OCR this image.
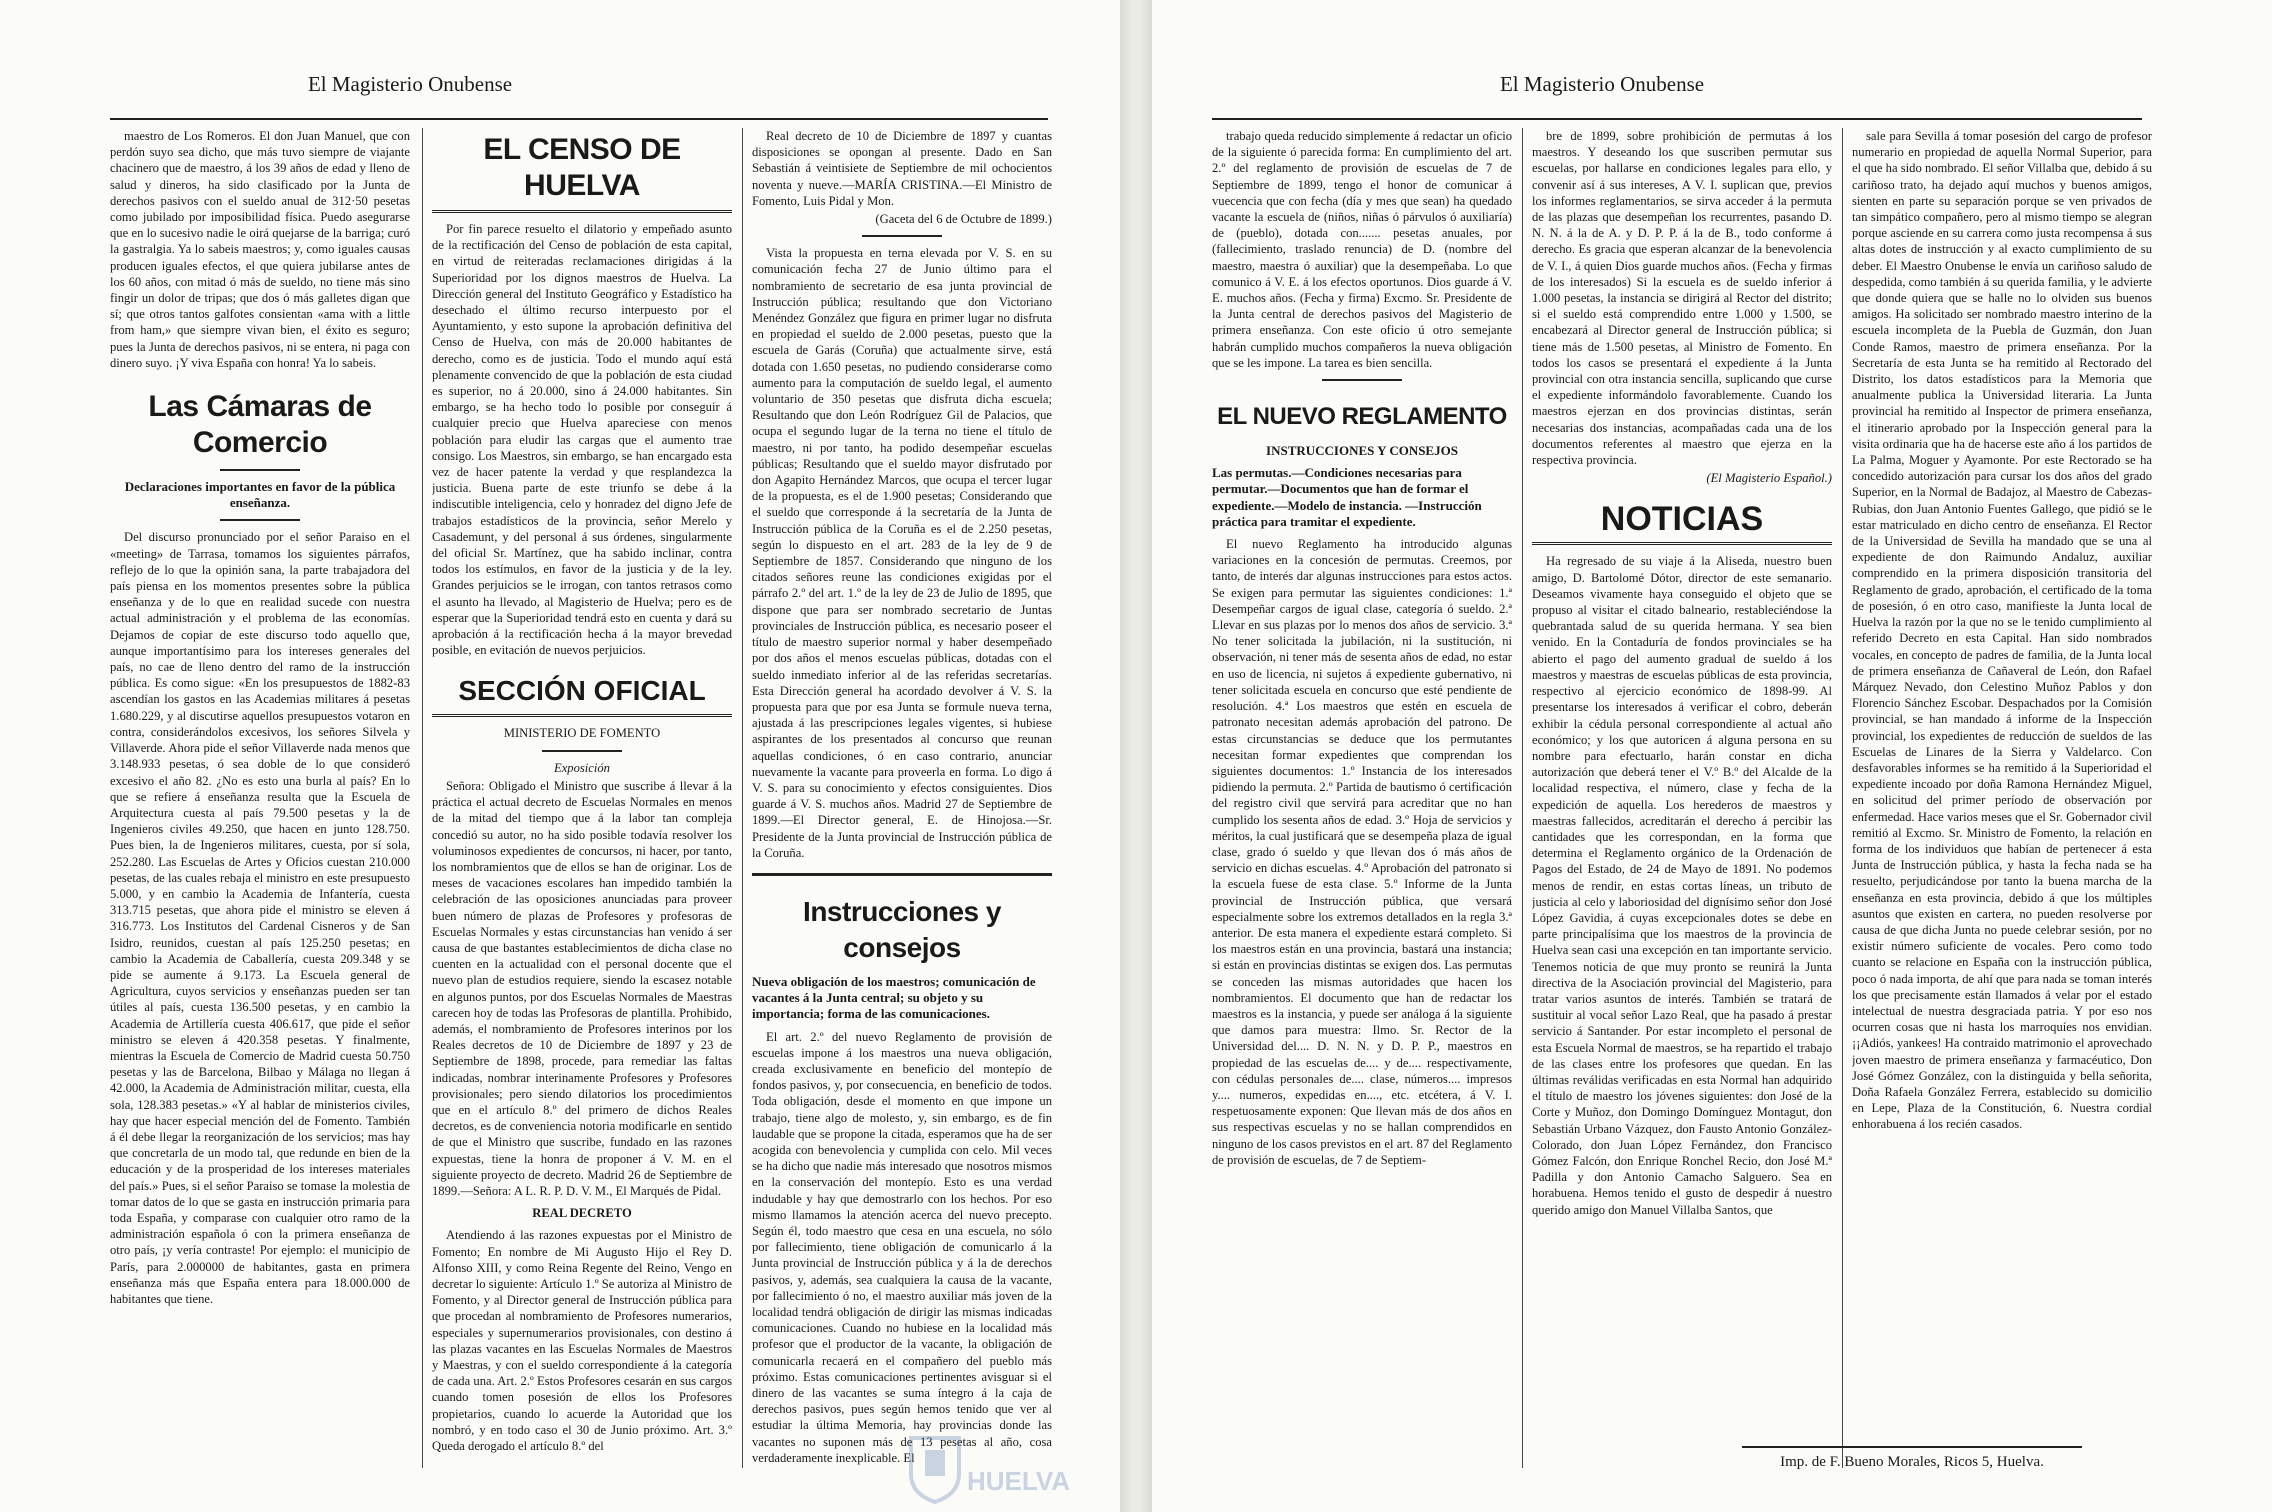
El Magisterio Onubense

maestro de Los Romeros. El don Juan Manuel, que con perdón suyo sea dicho, que más tuvo siempre de viajante chacinero que de maestro, á los 39 años de edad y lleno de salud y dineros, ha sido clasificado por la Junta de derechos pasivos con el sueldo anual de 312·50 pesetas como jubilado por imposibilidad física. Puedo asegurarse que en lo sucesivo nadie le oirá quejarse de la barriga; curó la gastralgia. Ya lo sabeis maestros; y, como iguales causas producen iguales efectos, el que quiera jubilarse antes de los 60 años, con mitad ó más de sueldo, no tiene más sino fingir un dolor de tripas; que dos ó más galletes digan que sí; que otros tantos galfotes consientan «ama with a little from ham,» que siempre vivan bien, el éxito es seguro; pues la Junta de derechos pasivos, ni se entera, ni paga con dinero suyo. ¡Y viva España con honra! Ya lo sabeis.

Las Cámaras de Comercio
Declaraciones importantes en favor de la pública enseñanza.

Del discurso pronunciado por el señor Paraiso en el «meeting» de Tarrasa, tomamos los siguientes párrafos, reflejo de lo que la opinión sana, la parte trabajadora del país piensa en los momentos presentes sobre la pública enseñanza y de lo que en realidad sucede con nuestra actual administración y el problema de las economías. Dejamos de copiar de este discurso todo aquello que, aunque importantísimo para los intereses generales del país, no cae de lleno dentro del ramo de la instrucción pública. Es como sigue: «En los presupuestos de 1882-83 ascendían los gastos en las Academias militares á pesetas 1.680.229, y al discutirse aquellos presupuestos votaron en contra, considerándolos excesivos, los señores Silvela y Villaverde. Ahora pide el señor Villaverde nada menos que 3.148.933 pesetas, ó sea doble de lo que consideró excesivo el año 82. ¿No es esto una burla al país? En lo que se refiere á enseñanza resulta que la Escuela de Arquitectura cuesta al país 79.500 pesetas y la de Ingenieros civiles 49.250, que hacen en junto 128.750. Pues bien, la de Ingenieros militares, cuesta, por sí sola, 252.280. Las Escuelas de Artes y Oficios cuestan 210.000 pesetas, de las cuales rebaja el ministro en este presupuesto 5.000, y en cambio la Academia de Infantería, cuesta 313.715 pesetas, que ahora pide el ministro se eleven á 316.773. Los Institutos del Cardenal Cisneros y de San Isidro, reunidos, cuestan al país 125.250 pesetas; en cambio la Academia de Caballería, cuesta 209.348 y se pide se aumente á 9.173. La Escuela general de Agricultura, cuyos servicios y enseñanzas pueden ser tan útiles al país, cuesta 136.500 pesetas, y en cambio la Academia de Artillería cuesta 406.617, que pide el señor ministro se eleven á 420.358 pesetas. Y finalmente, mientras la Escuela de Comercio de Madrid cuesta 50.750 pesetas y las de Barcelona, Bilbao y Málaga no llegan á 42.000, la Academia de Administración militar, cuesta, ella sola, 128.383 pesetas.» «Y al hablar de ministerios civiles, hay que hacer especial mención del de Fomento. También á él debe llegar la reorganización de los servicios; mas hay que concretarla de un modo tal, que redunde en bien de la educación y de la prosperidad de los intereses materiales del país.» Pues, si el señor Paraiso se tomase la molestia de tomar datos de lo que se gasta en instrucción primaria para toda España, y comparase con cualquier otro ramo de la administración española ó con la primera enseñanza de otro país, ¡y vería contraste! Por ejemplo: el municipio de París, para 2.000000 de habitantes, gasta en primera enseñanza más que España entera para 18.000.000 de habitantes que tiene.

EL CENSO DE HUELVA

Por fin parece resuelto el dilatorio y empeñado asunto de la rectificación del Censo de población de esta capital, en virtud de reiteradas reclamaciones dirigidas á la Superioridad por los dignos maestros de Huelva. La Dirección general del Instituto Geográfico y Estadístico ha desechado el último recurso interpuesto por el Ayuntamiento, y esto supone la aprobación definitiva del Censo de Huelva, con más de 20.000 habitantes de derecho, como es de justicia. Todo el mundo aquí está plenamente convencido de que la población de esta ciudad es superior, no á 20.000, sino á 24.000 habitantes. Sin embargo, se ha hecho todo lo posible por conseguir á cualquier precio que Huelva apareciese con menos población para eludir las cargas que el aumento trae consigo. Los Maestros, sin embargo, se han encargado esta vez de hacer patente la verdad y que resplandezca la justicia. Buena parte de este triunfo se debe á la indiscutible inteligencia, celo y honradez del digno Jefe de trabajos estadísticos de la provincia, señor Merelo y Casademunt, y del personal á sus órdenes, singularmente del oficial Sr. Martínez, que ha sabido inclinar, contra todos los estímulos, en favor de la justicia y de la ley. Grandes perjuicios se le irrogan, con tantos retrasos como el asunto ha llevado, al Magisterio de Huelva; pero es de esperar que la Superioridad tendrá esto en cuenta y dará su aprobación á la rectificación hecha á la mayor brevedad posible, en evitación de nuevos perjuicios.

SECCIÓN OFICIAL

MINISTERIO DE FOMENTO

Exposición

Señora: Obligado el Ministro que suscribe á llevar á la práctica el actual decreto de Escuelas Normales en menos de la mitad del tiempo que á la labor tan compleja concedió su autor, no ha sido posible todavía resolver los voluminosos expedientes de concursos, ni hacer, por tanto, los nombramientos que de ellos se han de originar. Los de meses de vacaciones escolares han impedido también la celebración de las oposiciones anunciadas para proveer buen número de plazas de Profesores y profesoras de Escuelas Normales y estas circunstancias han venido á ser causa de que bastantes establecimientos de dicha clase no cuenten en la actualidad con el personal docente que el nuevo plan de estudios requiere, siendo la escasez notable en algunos puntos, por dos Escuelas Normales de Maestras carecen hoy de todas las Profesoras de plantilla. Prohibido, además, el nombramiento de Profesores interinos por los Reales decretos de 10 de Diciembre de 1897 y 23 de Septiembre de 1898, procede, para remediar las faltas indicadas, nombrar interinamente Profesores y Profesores provisionales; pero siendo dilatorios los procedimientos que en el artículo 8.º del primero de dichos Reales decretos, es de conveniencia notoria modificarle en sentido de que el Ministro que suscribe, fundado en las razones expuestas, tiene la honra de proponer á V. M. en el siguiente proyecto de decreto. Madrid 26 de Septiembre de 1899.—Señora: A L. R. P. D. V. M., El Marqués de Pidal.

REAL DECRETO

Atendiendo á las razones expuestas por el Ministro de Fomento; En nombre de Mi Augusto Hijo el Rey D. Alfonso XIII, y como Reina Regente del Reino, Vengo en decretar lo siguiente: Artículo 1.º Se autoriza al Ministro de Fomento, y al Director general de Instrucción pública para que procedan al nombramiento de Profesores numerarios, especiales y supernumerarios provisionales, con destino á las plazas vacantes en las Escuelas Normales de Maestros y Maestras, y con el sueldo correspondiente á la categoría de cada una. Art. 2.º Estos Profesores cesarán en sus cargos cuando tomen posesión de ellos los Profesores propietarios, cuando lo acuerde la Autoridad que los nombró, y en todo caso el 30 de Junio próximo. Art. 3.º Queda derogado el artículo 8.º del

Real decreto de 10 de Diciembre de 1897 y cuantas disposiciones se opongan al presente. Dado en San Sebastián á veintisiete de Septiembre de mil ochocientos noventa y nueve.—MARÍA CRISTINA.—El Ministro de Fomento, Luis Pidal y Mon.

(Gaceta del 6 de Octubre de 1899.)

Vista la propuesta en terna elevada por V. S. en su comunicación fecha 27 de Junio último para el nombramiento de secretario de esa junta provincial de Instrucción pública; resultando que don Victoriano Menéndez González que figura en primer lugar no disfruta en propiedad el sueldo de 2.000 pesetas, puesto que la escuela de Garás (Coruña) que actualmente sirve, está dotada con 1.650 pesetas, no pudiendo considerarse como aumento para la computación de sueldo legal, el aumento voluntario de 350 pesetas que disfruta dicha escuela; Resultando que don León Rodríguez Gil de Palacios, que ocupa el segundo lugar de la terna no tiene el título de maestro, ni por tanto, ha podido desempeñar escuelas públicas; Resultando que el sueldo mayor disfrutado por don Agapito Hernández Marcos, que ocupa el tercer lugar de la propuesta, es el de 1.900 pesetas; Considerando que el sueldo que corresponde á la secretaría de la Junta de Instrucción pública de la Coruña es el de 2.250 pesetas, según lo dispuesto en el art. 283 de la ley de 9 de Septiembre de 1857. Considerando que ninguno de los citados señores reune las condiciones exigidas por el párrafo 2.º del art. 1.º de la ley de 23 de Julio de 1895, que dispone que para ser nombrado secretario de Juntas provinciales de Instrucción pública, es necesario poseer el título de maestro superior normal y haber desempeñado por dos años el menos escuelas públicas, dotadas con el sueldo inmediato inferior al de las referidas secretarías. Esta Dirección general ha acordado devolver á V. S. la propuesta para que por esa Junta se formule nueva terna, ajustada á las prescripciones legales vigentes, si hubiese aspirantes de los presentados al concurso que reunan aquellas condiciones, ó en caso contrario, anunciar nuevamente la vacante para proveerla en forma. Lo digo á V. S. para su conocimiento y efectos consiguientes. Dios guarde á V. S. muchos años. Madrid 27 de Septiembre de 1899.—El Director general, E. de Hinojosa.—Sr. Presidente de la Junta provincial de Instrucción pública de la Coruña.

Instrucciones y consejos
Nueva obligación de los maestros; comunicación de vacantes á la Junta central; su objeto y su importancia; forma de las comunicaciones.

El art. 2.º del nuevo Reglamento de provisión de escuelas impone á los maestros una nueva obligación, creada exclusivamente en beneficio del montepío de fondos pasivos, y, por consecuencia, en beneficio de todos. Toda obligación, desde el momento en que impone un trabajo, tiene algo de molesto, y, sin embargo, es de fin laudable que se propone la citada, esperamos que ha de ser acogida con benevolencia y cumplida con celo. Mil veces se ha dicho que nadie más interesado que nosotros mismos en la conservación del montepío. Esto es una verdad indudable y hay que demostrarlo con los hechos. Por eso mismo llamamos la atención acerca del nuevo precepto. Según él, todo maestro que cesa en una escuela, no sólo por fallecimiento, tiene obligación de comunicarlo á la Junta provincial de Instrucción pública y á la de derechos pasivos, y, además, sea cualquiera la causa de la vacante, por fallecimiento ó no, el maestro auxiliar más joven de la localidad tendrá obligación de dirigir las mismas indicadas comunicaciones. Cuando no hubiese en la localidad más profesor que el productor de la vacante, la obligación de comunicarla recaerá en el compañero del pueblo más próximo. Estas comunicaciones pertinentes avisguar si el dinero de las vacantes se suma íntegro á la caja de derechos pasivos, pues según hemos tenido que ver al estudiar la última Memoria, hay provincias donde las vacantes no suponen más de 13 pesetas al año, cosa verdaderamente inexplicable. El

El Magisterio Onubense

trabajo queda reducido simplemente á redactar un oficio de la siguiente ó parecida forma: En cumplimiento del art. 2.º del reglamento de provisión de escuelas de 7 de Septiembre de 1899, tengo el honor de comunicar á vuecencia que con fecha (día y mes que sean) ha quedado vacante la escuela de (niños, niñas ó párvulos ó auxiliaría) de (pueblo), dotada con....... pesetas anuales, por (fallecimiento, traslado renuncia) de D. (nombre del maestro, maestra ó auxiliar) que la desempeñaba. Lo que comunico á V. E. á los efectos oportunos. Dios guarde á V. E. muchos años. (Fecha y firma) Excmo. Sr. Presidente de la Junta central de derechos pasivos del Magisterio de primera enseñanza. Con este oficio ú otro semejante habrán cumplido muchos compañeros la nueva obligación que se les impone. La tarea es bien sencilla.

EL NUEVO REGLAMENTO
INSTRUCCIONES Y CONSEJOS
Las permutas.—Condiciones necesarias para permutar.—Documentos que han de formar el expediente.—Modelo de instancia. —Instrucción práctica para tramitar el expediente.

El nuevo Reglamento ha introducido algunas variaciones en la concesión de permutas. Creemos, por tanto, de interés dar algunas instrucciones para estos actos. Se exigen para permutar las siguientes condiciones: 1.ª Desempeñar cargos de igual clase, categoría ó sueldo. 2.ª Llevar en sus plazas por lo menos dos años de servicio. 3.ª No tener solicitada la jubilación, ni la sustitución, ni observación, ni tener más de sesenta años de edad, no estar en uso de licencia, ni sujetos á expediente gubernativo, ni tener solicitada escuela en concurso que esté pendiente de resolución. 4.ª Los maestros que estén en escuela de patronato necesitan además aprobación del patrono. De estas circunstancias se deduce que los permutantes necesitan formar expedientes que comprendan los siguientes documentos: 1.º Instancia de los interesados pidiendo la permuta. 2.º Partida de bautismo ó certificación del registro civil que servirá para acreditar que no han cumplido los sesenta años de edad. 3.º Hoja de servicios y méritos, la cual justificará que se desempeña plaza de igual clase, grado ó sueldo y que llevan dos ó más años de servicio en dichas escuelas. 4.º Aprobación del patronato si la escuela fuese de esta clase. 5.º Informe de la Junta provincial de Instrucción pública, que versará especialmente sobre los extremos detallados en la regla 3.ª anterior. De esta manera el expediente estará completo. Si los maestros están en una provincia, bastará una instancia; si están en provincias distintas se exigen dos. Las permutas se conceden las mismas autoridades que hacen los nombramientos. El documento que han de redactar los maestros es la instancia, y puede ser análoga á la siguiente que damos para muestra: Ilmo. Sr. Rector de la Universidad del.... D. N. N. y D. P. P., maestros en propiedad de las escuelas de.... y de.... respectivamente, con cédulas personales de.... clase, números.... impresos y.... numeros, expedidas en...., etc. etcétera, á V. I. respetuosamente exponen: Que llevan más de dos años en sus respectivas escuelas y no se hallan comprendidos en ninguno de los casos previstos en el art. 87 del Reglamento de provisión de escuelas, de 7 de Septiem-

bre de 1899, sobre prohibición de permutas á los maestros. Y deseando los que suscriben permutar sus escuelas, por hallarse en condiciones legales para ello, y convenir así á sus intereses, A V. I. suplican que, previos los informes reglamentarios, se sirva acceder á la permuta de las plazas que desempeñan los recurrentes, pasando D. N. N. á la de A. y D. P. P. á la de B., todo conforme á derecho. Es gracia que esperan alcanzar de la benevolencia de V. I., á quien Dios guarde muchos años. (Fecha y firmas de los interesados) Si la escuela es de sueldo inferior á 1.000 pesetas, la instancia se dirigirá al Rector del distrito; si el sueldo está comprendido entre 1.000 y 1.500, se encabezará al Director general de Instrucción pública; si tiene más de 1.500 pesetas, al Ministro de Fomento. En todos los casos se presentará el expediente á la Junta provincial con otra instancia sencilla, suplicando que curse el expediente informándolo favorablemente. Cuando los maestros ejerzan en dos provincias distintas, serán necesarias dos instancias, acompañadas cada una de los documentos referentes al maestro que ejerza en la respectiva provincia.

(El Magisterio Español.)

NOTICIAS

Ha regresado de su viaje á la Aliseda, nuestro buen amigo, D. Bartolomé Dótor, director de este semanario. Deseamos vivamente haya conseguido el objeto que se propuso al visitar el citado balneario, restableciéndose la quebrantada salud de su querida hermana. Y sea bien venido. En la Contaduría de fondos provinciales se ha abierto el pago del aumento gradual de sueldo á los maestros y maestras de escuelas públicas de esta provincia, respectivo al ejercicio económico de 1898-99. Al presentarse los interesados á verificar el cobro, deberán exhibir la cédula personal correspondiente al actual año económico; y los que autoricen á alguna persona en su nombre para efectuarlo, harán constar en dicha autorización que deberá tener el V.º B.º del Alcalde de la localidad respectiva, el número, clase y fecha de la expedición de aquella. Los herederos de maestros y maestras fallecidos, acreditarán el derecho á percibir las cantidades que les correspondan, en la forma que determina el Reglamento orgánico de la Ordenación de Pagos del Estado, de 24 de Mayo de 1891. No podemos menos de rendir, en estas cortas líneas, un tributo de justicia al celo y laboriosidad del dignísimo señor don José López Gavidia, á cuyas excepcionales dotes se debe en parte principalísima que los maestros de la provincia de Huelva sean casi una excepción en tan importante servicio. Tenemos noticia de que muy pronto se reunirá la Junta directiva de la Asociación provincial del Magisterio, para tratar varios asuntos de interés. También se tratará de sustituir al vocal señor Lazo Real, que ha pasado á prestar servicio á Santander. Por estar incompleto el personal de esta Escuela Normal de maestros, se ha repartido el trabajo de las clases entre los profesores que quedan. En las últimas reválidas verificadas en esta Normal han adquirido el título de maestro los jóvenes siguientes: don José de la Corte y Muñoz, don Domingo Domínguez Montagut, don Sebastián Urbano Vázquez, don Fausto Antonio González-Colorado, don Juan López Fernández, don Francisco Gómez Falcón, don Enrique Ronchel Recio, don José M.ª Padilla y don Antonio Camacho Salguero. Sea en horabuena. Hemos tenido el gusto de despedir á nuestro querido amigo don Manuel Villalba Santos, que

sale para Sevilla á tomar posesión del cargo de profesor numerario en propiedad de aquella Normal Superior, para el que ha sido nombrado. El señor Villalba que, debido á su cariñoso trato, ha dejado aquí muchos y buenos amigos, sienten en parte su separación porque se ven privados de tan simpático compañero, pero al mismo tiempo se alegran porque asciende en su carrera como justa recompensa á sus altas dotes de instrucción y al exacto cumplimiento de su deber. El Maestro Onubense le envía un cariñoso saludo de despedida, como también á su querida familia, y le advierte que donde quiera que se halle no lo olviden sus buenos amigos. Ha solicitado ser nombrado maestro interino de la escuela incompleta de la Puebla de Guzmán, don Juan Conde Ramos, maestro de primera enseñanza. Por la Secretaría de esta Junta se ha remitido al Rectorado del Distrito, los datos estadísticos para la Memoria que anualmente publica la Universidad literaria. La Junta provincial ha remitido al Inspector de primera enseñanza, el itinerario aprobado por la Inspección general para la visita ordinaria que ha de hacerse este año á los partidos de La Palma, Moguer y Ayamonte. Por este Rectorado se ha concedido autorización para cursar los dos años del grado Superior, en la Normal de Badajoz, al Maestro de Cabezas-Rubias, don Juan Antonio Fuentes Gallego, que pidió se le estar matriculado en dicho centro de enseñanza. El Rector de la Universidad de Sevilla ha mandado que se una al expediente de don Raimundo Andaluz, auxiliar comprendido en la primera disposición transitoria del Reglamento de grado, aprobación, el certificado de la toma de posesión, ó en otro caso, manifieste la Junta local de Huelva la razón por la que no se le tenido cumplimiento al referido Decreto en esta Capital. Han sido nombrados vocales, en concepto de padres de familia, de la Junta local de primera enseñanza de Cañaveral de León, don Rafael Márquez Nevado, don Celestino Muñoz Pablos y don Florencio Sánchez Escobar. Despachados por la Comisión provincial, se han mandado á informe de la Inspección provincial, los expedientes de reducción de sueldos de las Escuelas de Linares de la Sierra y Valdelarco. Con desfavorables informes se ha remitido á la Superioridad el expediente incoado por doña Ramona Hernández Miguel, en solicitud del primer período de observación por enfermedad. Hace varios meses que el Sr. Gobernador civil remitió al Excmo. Sr. Ministro de Fomento, la relación en forma de los individuos que habían de pertenecer á esta Junta de Instrucción pública, y hasta la fecha nada se ha resuelto, perjudicándose por tanto la buena marcha de la enseñanza en esta provincia, debido á que los múltiples asuntos que existen en cartera, no pueden resolverse por causa de que dicha Junta no puede celebrar sesión, por no existir número suficiente de vocales. Pero como todo cuanto se relacione en España con la instrucción pública, poco ó nada importa, de ahí que para nada se toman interés los que precisamente están llamados á velar por el estado intelectual de nuestra desgraciada patria. Y por eso nos ocurren cosas que ni hasta los marroquíes nos envidian. ¡¡Adiós, yankees! Ha contraido matrimonio el aprovechado joven maestro de primera enseñanza y farmacéutico, Don José Gómez González, con la distinguida y bella señorita, Doña Rafaela González Ferrera, establecido su domicilio en Lepe, Plaza de la Constitución, 6. Nuestra cordial enhorabuena á los recién casados.

Imp. de F. Bueno Morales, Ricos 5, Huelva.
HUELVA
